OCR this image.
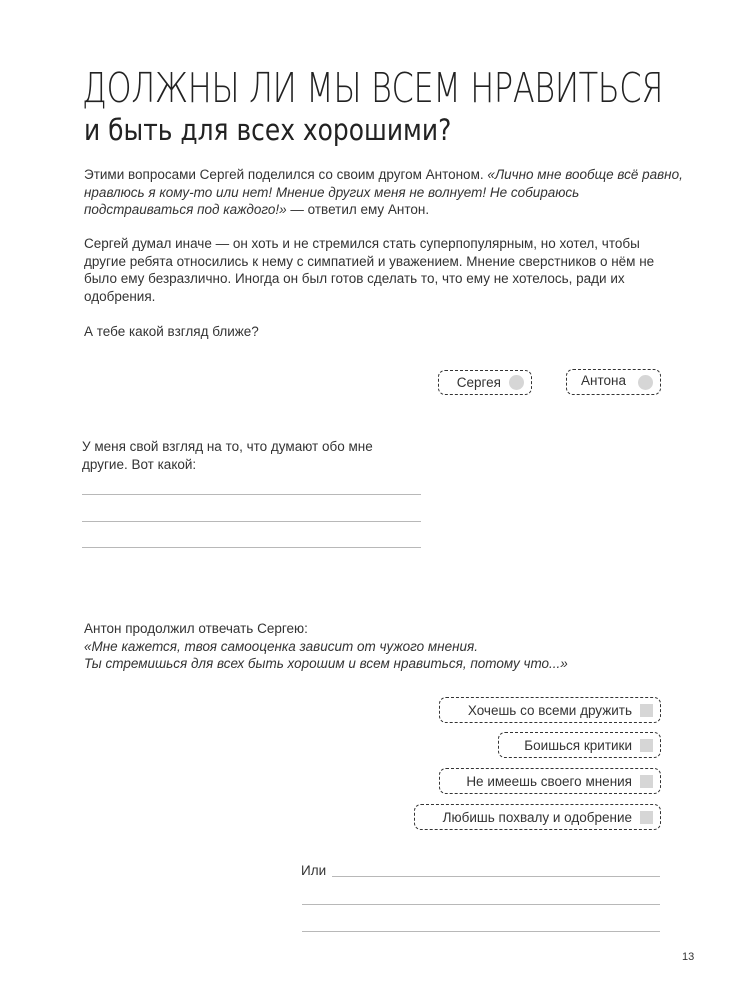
ДОЛЖНЫ ЛИ МЫ ВСЕМ НРАВИТЬСЯ
и быть для всех хорошими?
Этими вопросами Сергей поделился со своим другом Антоном. «Лично мне вообще всё равно, нравлюсь я кому-то или нет! Мнение других меня не волнует! Не собираюсь подстраиваться под каждого!» — ответил ему Антон.
Сергей думал иначе — он хоть и не стремился стать суперпопулярным, но хотел, чтобы другие ребята относились к нему с симпатией и уважением. Мнение сверстников о нём не было ему безразлично. Иногда он был готов сделать то, что ему не хотелось, ради их одобрения.
А тебе какой взгляд ближе?
Сергея	Антона
У меня свой взгляд на то, что думают обо мне другие. Вот какой:

Антон продолжил отвечать Сергею:

«Мне кажется, твоя самооценка зависит от чужого мнения.

Ты стремишься для всех быть хорошим и всем нравиться, потому что...»

Хочешь со всеми дружить
Боишься критики
Не имеешь своего мнения
Любишь похвалу и одобрение
Или
13
